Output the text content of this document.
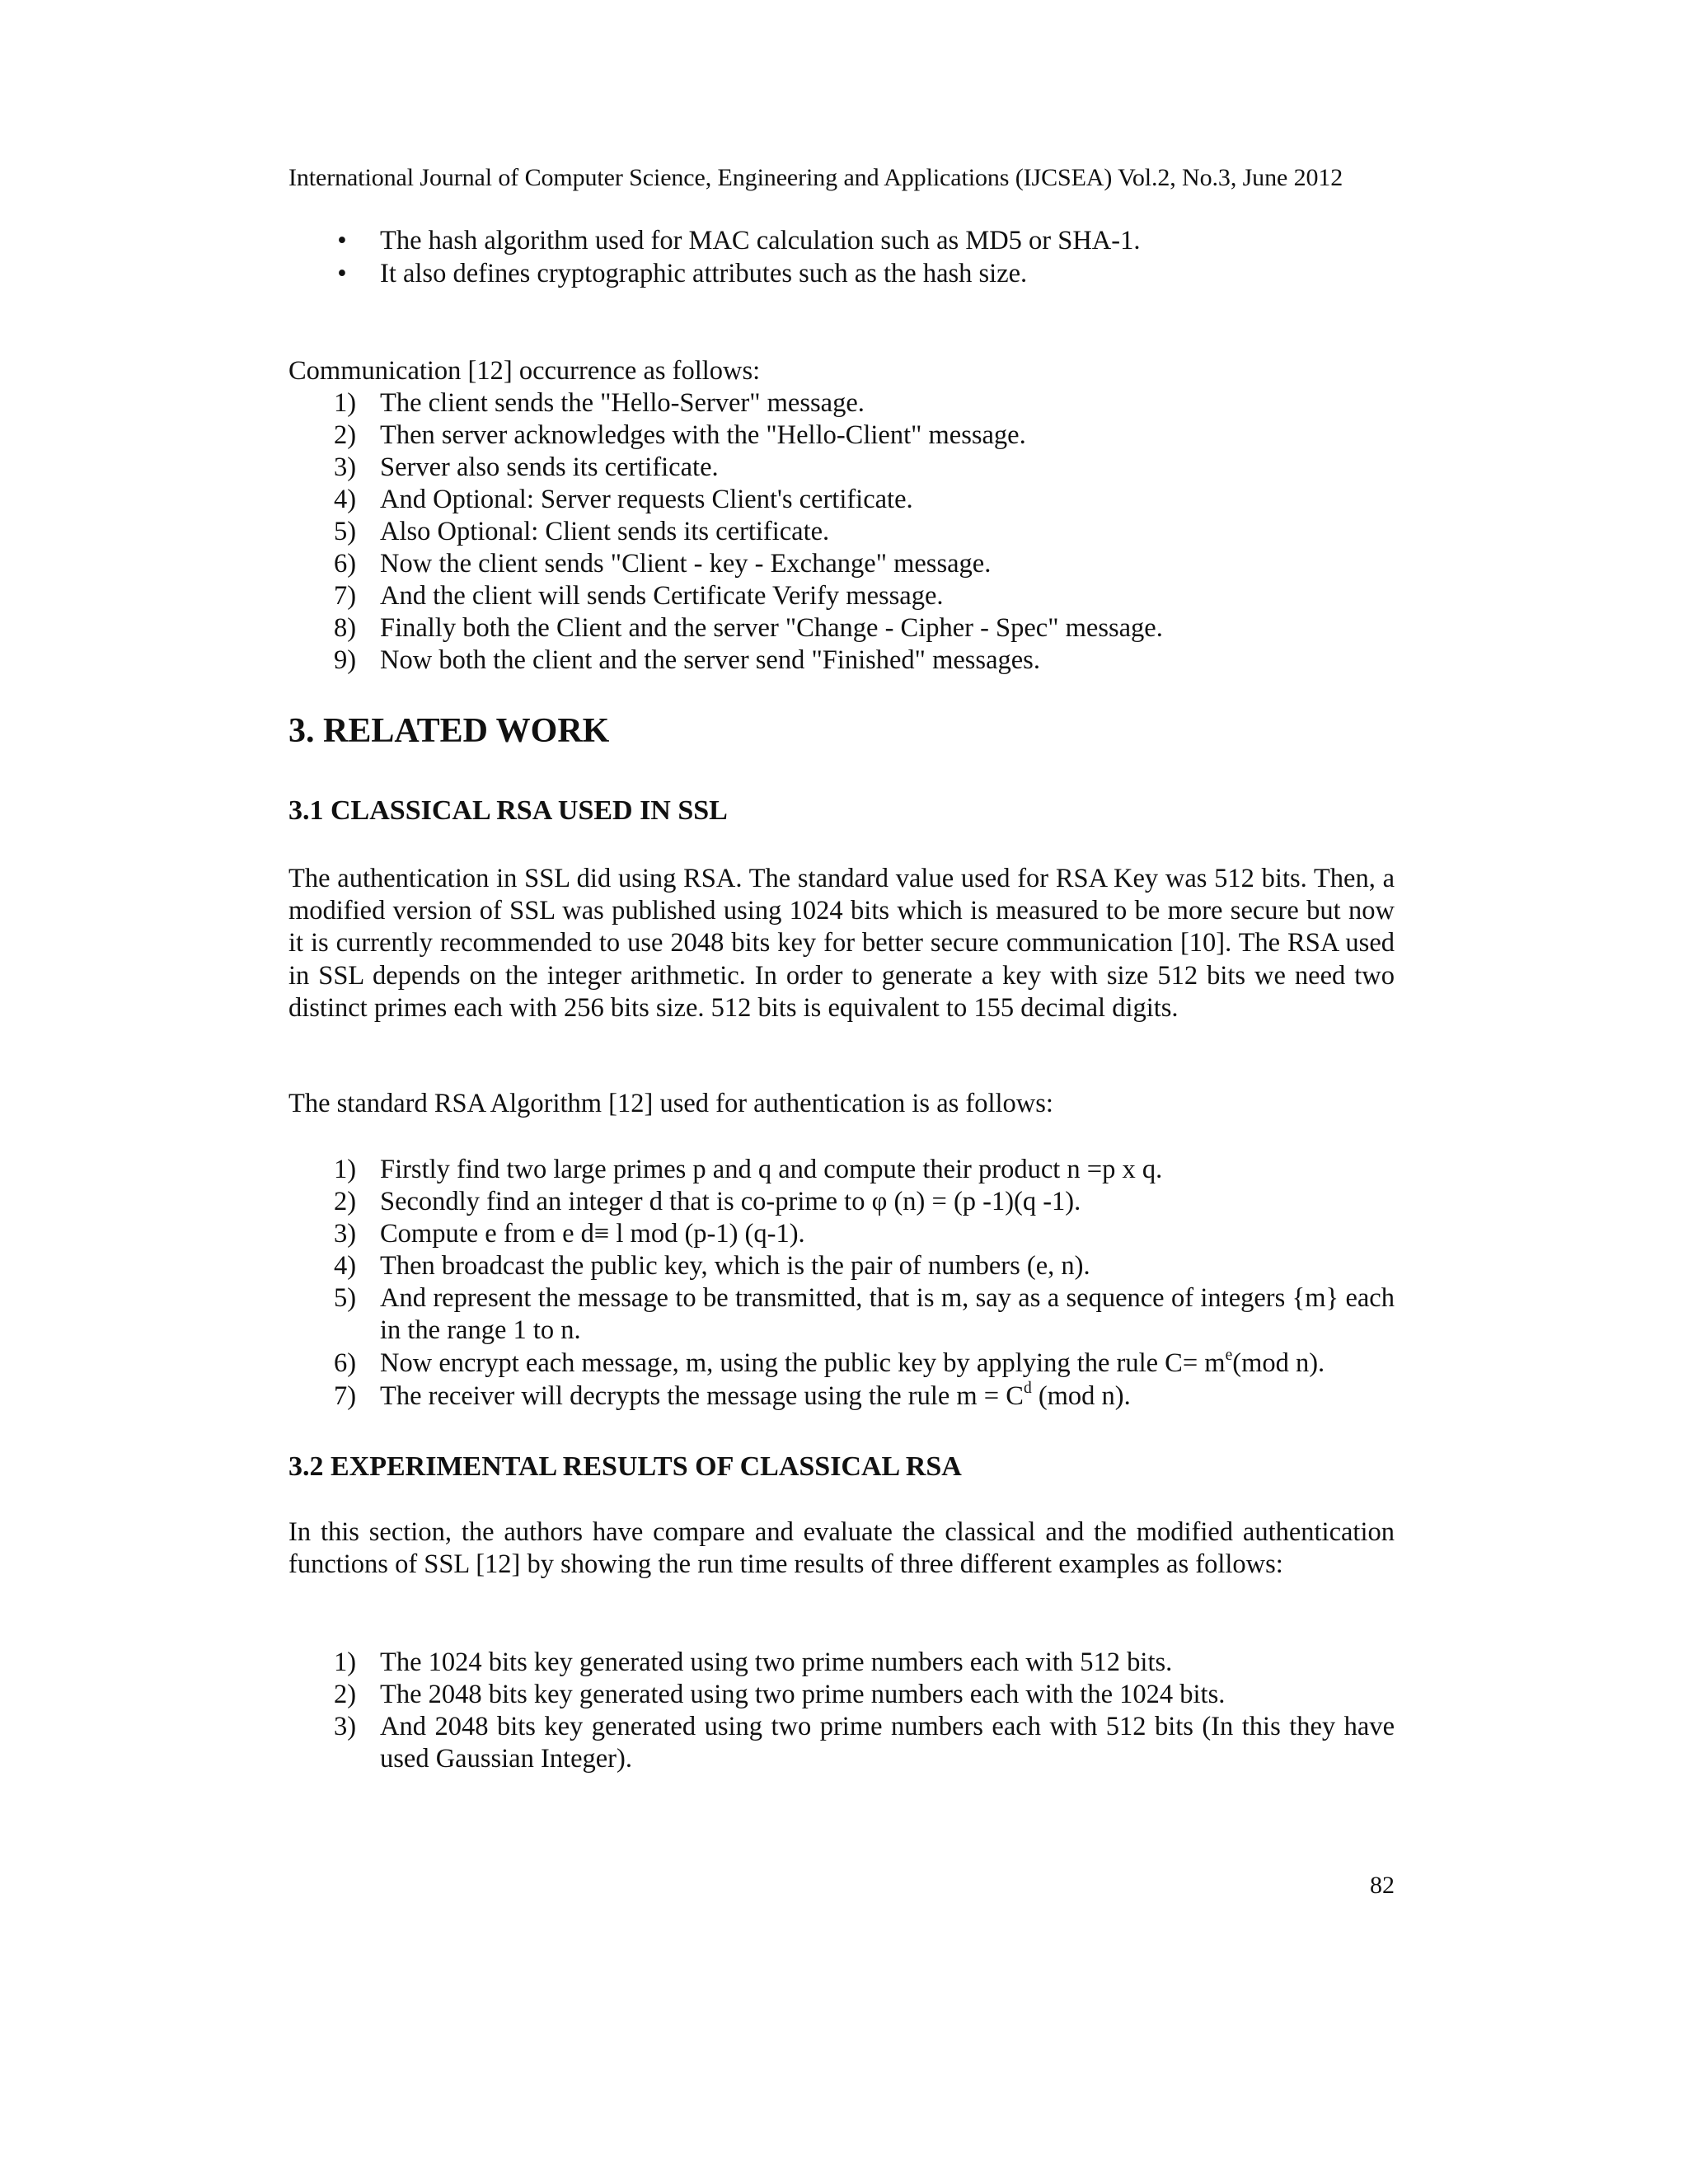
International Journal of Computer Science, Engineering and Applications (IJCSEA) Vol.2, No.3, June 2012
• The hash algorithm used for MAC calculation such as MD5 or SHA-1.
• It also defines cryptographic attributes such as the hash size.
Communication [12] occurrence as follows:
1) The client sends the "Hello-Server" message.
2) Then server acknowledges with the "Hello-Client" message.
3) Server also sends its certificate.
4) And Optional: Server requests Client's certificate.
5) Also Optional: Client sends its certificate.
6) Now the client sends "Client - key - Exchange" message.
7) And the client will sends Certificate Verify message.
8) Finally both the Client and the server "Change - Cipher - Spec" message.
9) Now both the client and the server send "Finished" messages.
3. RELATED WORK
3.1 CLASSICAL RSA USED IN SSL
The authentication in SSL did using RSA. The standard value used for RSA Key was 512 bits. Then, a modified version of SSL was published using 1024 bits which is measured to be more secure but now it is currently recommended to use 2048 bits key for better secure communication [10]. The RSA used in SSL depends on the integer arithmetic. In order to generate a key with size 512 bits we need two distinct primes each with 256 bits size. 512 bits is equivalent to 155 decimal digits.
The standard RSA Algorithm [12] used for authentication is as follows:
1) Firstly find two large primes p and q and compute their product n =p x q.
2) Secondly find an integer d that is co-prime to φ (n) = (p -1)(q -1).
3) Compute e from e d≡ l mod (p-1) (q-1).
4) Then broadcast the public key, which is the pair of numbers (e, n).
5) And represent the message to be transmitted, that is m, say as a sequence of integers {m} each in the range 1 to n.
6) Now encrypt each message, m, using the public key by applying the rule $C= m^e(mod$ n).
7) The receiver will decrypts the message using the rule $m = C^d$ (mod n).
3.2 EXPERIMENTAL RESULTS OF CLASSICAL RSA
In this section, the authors have compare and evaluate the classical and the modified authentication functions of SSL [12] by showing the run time results of three different examples as follows:
1) The 1024 bits key generated using two prime numbers each with 512 bits.
2) The 2048 bits key generated using two prime numbers each with the 1024 bits.
3) And 2048 bits key generated using two prime numbers each with 512 bits (In this they have used Gaussian Integer).
82
